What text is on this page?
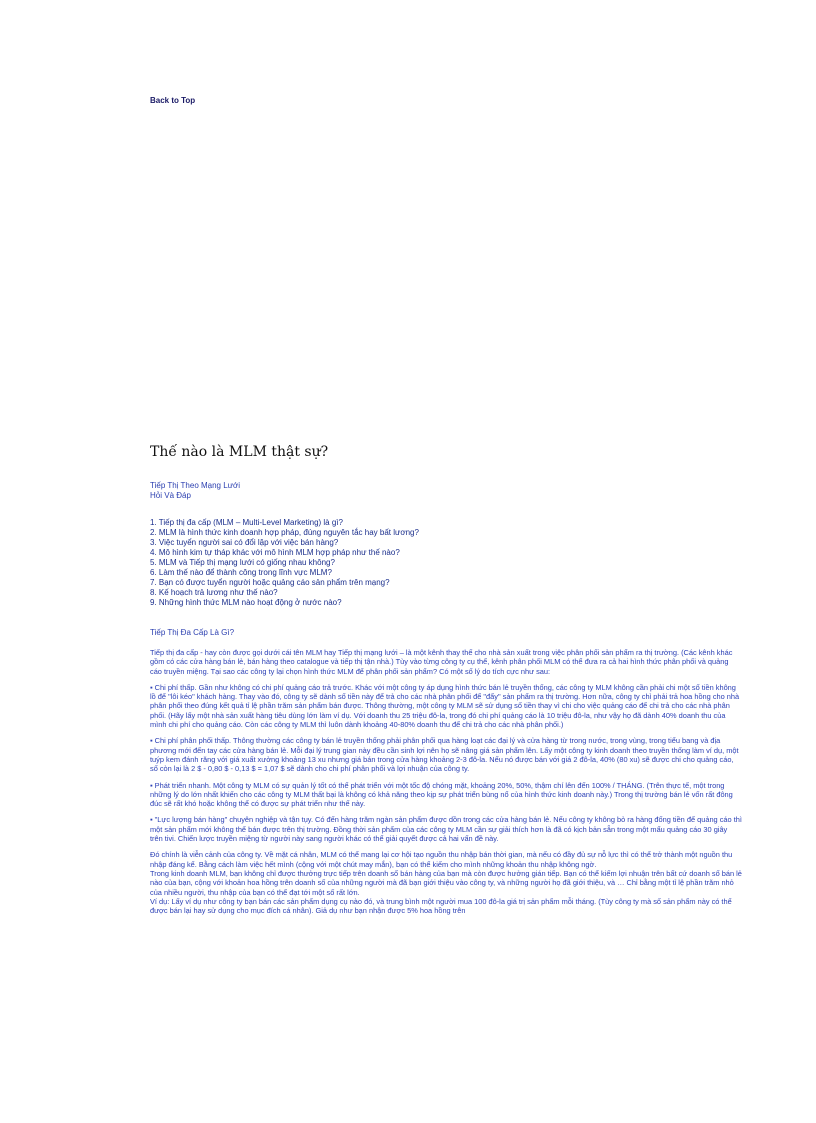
Back to Top
Thế nào là MLM thật sự?
Tiếp Thị Theo Mạng Lưới
Hỏi Và Đáp
1. Tiếp thị đa cấp (MLM – Multi-Level Marketing) là gì?
2. MLM là hình thức kinh doanh hợp pháp, đúng nguyên tắc hay bất lương?
3. Việc tuyển người sai có đổi lập với việc bán hàng?
4. Mô hình kim tự tháp khác với mô hình MLM hợp pháp như thế nào?
5. MLM và Tiếp thị mạng lưới có giống nhau không?
6. Làm thế nào để thành công trong lĩnh vực MLM?
7. Bạn có được tuyển người hoặc quảng cáo sản phẩm trên mạng?
8. Kế hoạch trả lương như thế nào?
9. Những hình thức MLM nào hoạt động ở nước nào?
Tiếp Thị Đa Cấp Là Gì?

Tiếp thị đa cấp - hay còn được gọi dưới cái tên MLM hay Tiếp thị mạng lưới – là một kênh thay thế cho nhà sản xuất trong việc phân phối sản phẩm ra thị trường. (Các kênh khác gồm có các cửa hàng bán lẻ, bán hàng theo catalogue và tiếp thị tận nhà.) Tùy vào từng công ty cụ thể, kênh phân phối MLM có thể đưa ra cả hai hình thức phân phối và quảng cáo truyền miệng. Tại sao các công ty lại chọn hình thức MLM để phân phối sản phẩm? Có một số lý do tích cực như sau:

▪ Chi phí thấp. Gần như không có chi phí quảng cáo trả trước. Khác với một công ty áp dụng hình thức bán lẻ truyền thống, các công ty MLM không cần phải chi một số tiền không lồ để "lôi kéo" khách hàng. Thay vào đó, công ty sẽ dành số tiền này để trả cho các nhà phân phối để "đẩy" sản phẩm ra thị trường. Hơn nữa, công ty chỉ phải trả hoa hồng cho nhà phân phối theo đúng kết quả tỉ lệ phần trăm sản phẩm bán được. Thông thường, một công ty MLM sẽ sử dụng số tiền thay vì chi cho việc quảng cáo để chi trả cho các nhà phân phối. (Hãy lấy một nhà sản xuất hàng tiêu dùng lớn làm ví dụ. Với doanh thu 25 triệu đô-la, trong đó chi phí quảng cáo là 10 triệu đô-la, như vậy họ đã dành 40% doanh thu của mình chi phí cho quảng cáo. Còn các công ty MLM thì luôn dành khoảng 40-80% doanh thu để chi trả cho các nhà phân phối.)

▪ Chi phí phân phối thấp. Thông thường các công ty bán lẻ truyền thống phải phân phối qua hàng loạt các đại lý và cửa hàng từ trong nước, trong vùng, trong tiểu bang và địa phương mới đến tay các cửa hàng bán lẻ. Mỗi đại lý trung gian này đều cần sinh lợi nên họ sẽ nâng giá sản phẩm lên. Lấy một công ty kinh doanh theo truyền thống làm ví dụ, một tuýp kem đánh răng với giá xuất xưởng khoảng 13 xu nhưng giá bán trong cửa hàng khoảng 2-3 đô-la. Nếu nó được bán với giá 2 đô-la, 40% (80 xu) sẽ được chi cho quảng cáo, số còn lại là 2 $ - 0,80 $ - 0,13 $ = 1,07 $ sẽ dành cho chi phí phân phối và lợi nhuận của công ty.

▪ Phát triển nhanh. Một công ty MLM có sự quản lý tốt có thể phát triển với một tốc độ chóng mặt, khoảng 20%, 50%, thậm chí lên đến 100% / THÁNG. (Trên thực tế, một trong những lý do lớn nhất khiến cho các công ty MLM thất bại là không có khả năng theo kịp sự phát triển bùng nổ của hình thức kinh doanh này.) Trong thị trường bán lẻ vốn rất đông đúc sẽ rất khó hoặc không thể có được sự phát triển như thế này.

▪ "Lực lượng bán hàng" chuyên nghiệp và tận tụy. Có đến hàng trăm ngàn sản phẩm được dồn trong các cửa hàng bán lẻ. Nếu công ty không bỏ ra hàng đống tiền để quảng cáo thì một sản phẩm mới không thể bán được trên thị trường. Đồng thời sản phẩm của các công ty MLM cần sự giải thích hơn là đã có kịch bản sẵn trong một mẩu quảng cáo 30 giây trên tivi. Chiến lược truyền miệng từ người này sang người khác có thể giải quyết được cả hai vấn đề này.

Đó chính là viễn cảnh của công ty. Về mặt cá nhân, MLM có thể mang lại cơ hội tạo nguồn thu nhập bán thời gian, mà nếu có đầy đủ sự nỗ lực thì có thể trở thành một nguồn thu nhập đáng kể. Bằng cách làm việc hết mình (cộng với một chút may mắn), bạn có thể kiếm cho mình những khoản thu nhập không ngờ.

Trong kinh doanh MLM, bạn không chỉ được thưởng trực tiếp trên doanh số bán hàng của bạn mà còn được hưởng gián tiếp. Bạn có thể kiếm lợi nhuận trên bất cứ doanh số bán lẻ nào của bạn, cộng với khoản hoa hồng trên doanh số của những người mà đã bạn giới thiệu vào công ty, và những người họ đã giới thiệu, và … Chỉ bằng một tỉ lệ phần trăm nhỏ của nhiều người, thu nhập của bạn có thể đạt tới một số rất lớn.

Ví dụ: Lấy ví dụ như công ty bạn bán các sản phẩm dụng cụ nào đó, và trung bình một người mua 100 đô-la giá trị sản phẩm mỗi tháng. (Tùy công ty mà số sản phẩm này có thể được bán lại hay sử dụng cho mục đích cá nhân). Giả dụ như bạn nhận được 5% hoa hồng trên
